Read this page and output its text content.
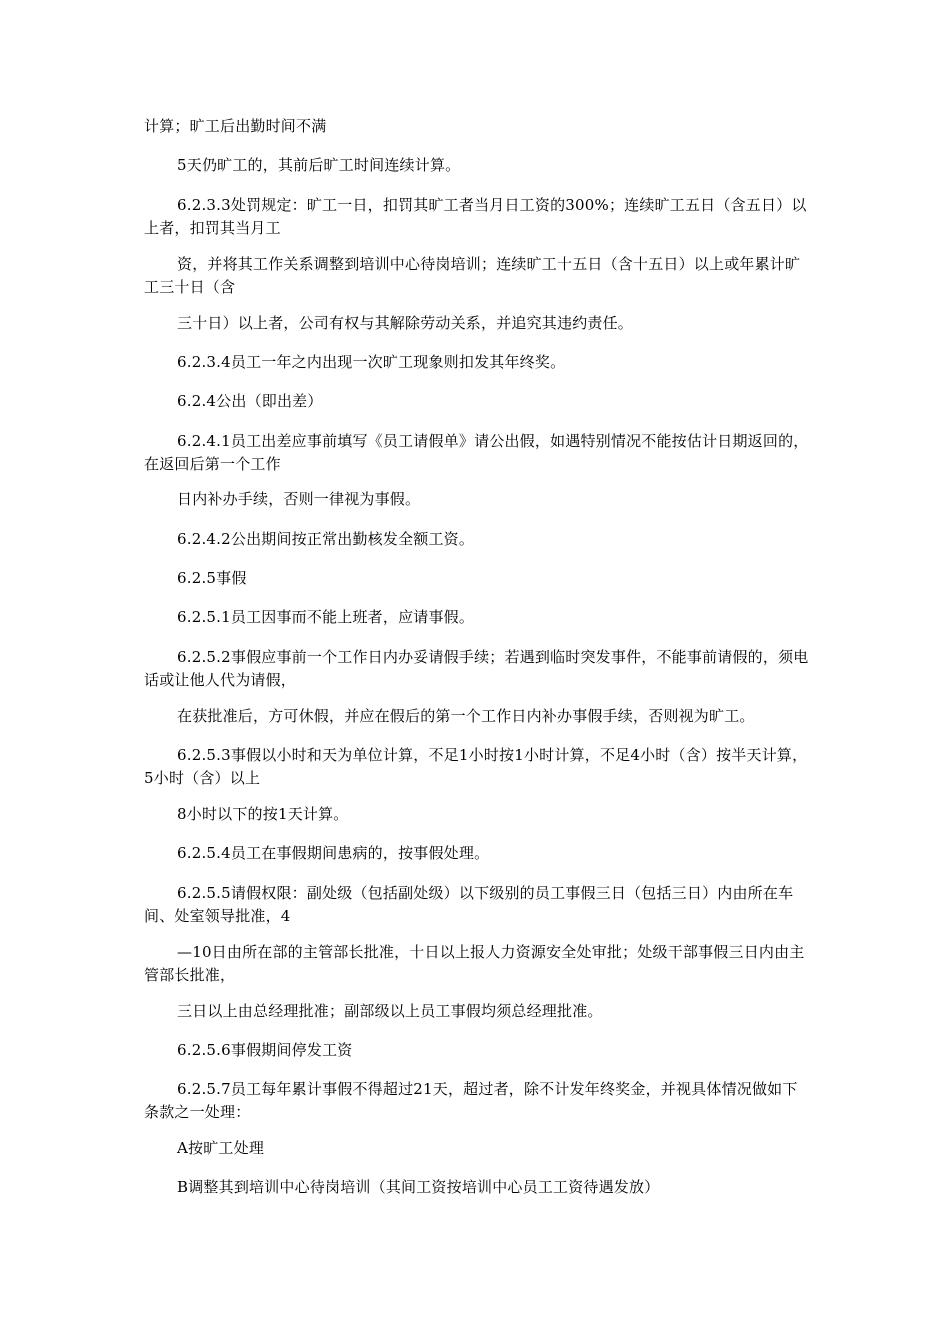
计算；旷工后出勤时间不满

5天仍旷工的，其前后旷工时间连续计算。

6.2.3.3处罚规定：旷工一日，扣罚其旷工者当月日工资的300%；连续旷工五日（含五日）以上者，扣罚其当月工

资，并将其工作关系调整到培训中心待岗培训；连续旷工十五日（含十五日）以上或年累计旷工三十日（含

三十日）以上者，公司有权与其解除劳动关系，并追究其违约责任。

6.2.3.4员工一年之内出现一次旷工现象则扣发其年终奖。

6.2.4公出（即出差）

6.2.4.1员工出差应事前填写《员工请假单》请公出假，如遇特别情况不能按估计日期返回的，在返回后第一个工作

日内补办手续，否则一律视为事假。

6.2.4.2公出期间按正常出勤核发全额工资。

6.2.5事假

6.2.5.1员工因事而不能上班者，应请事假。

6.2.5.2事假应事前一个工作日内办妥请假手续；若遇到临时突发事件，不能事前请假的，须电话或让他人代为请假，

在获批准后，方可休假，并应在假后的第一个工作日内补办事假手续，否则视为旷工。

6.2.5.3事假以小时和天为单位计算，不足1小时按1小时计算，不足4小时（含）按半天计算，5小时（含）以上

8小时以下的按1天计算。

6.2.5.4员工在事假期间患病的，按事假处理。

6.2.5.5请假权限：副处级（包括副处级）以下级别的员工事假三日（包括三日）内由所在车间、处室领导批准，4

—10日由所在部的主管部长批准，十日以上报人力资源安全处审批；处级干部事假三日内由主管部长批准，

三日以上由总经理批准；副部级以上员工事假均须总经理批准。

6.2.5.6事假期间停发工资

6.2.5.7员工每年累计事假不得超过21天，超过者，除不计发年终奖金，并视具体情况做如下条款之一处理：

A按旷工处理

B调整其到培训中心待岗培训（其间工资按培训中心员工工资待遇发放）
